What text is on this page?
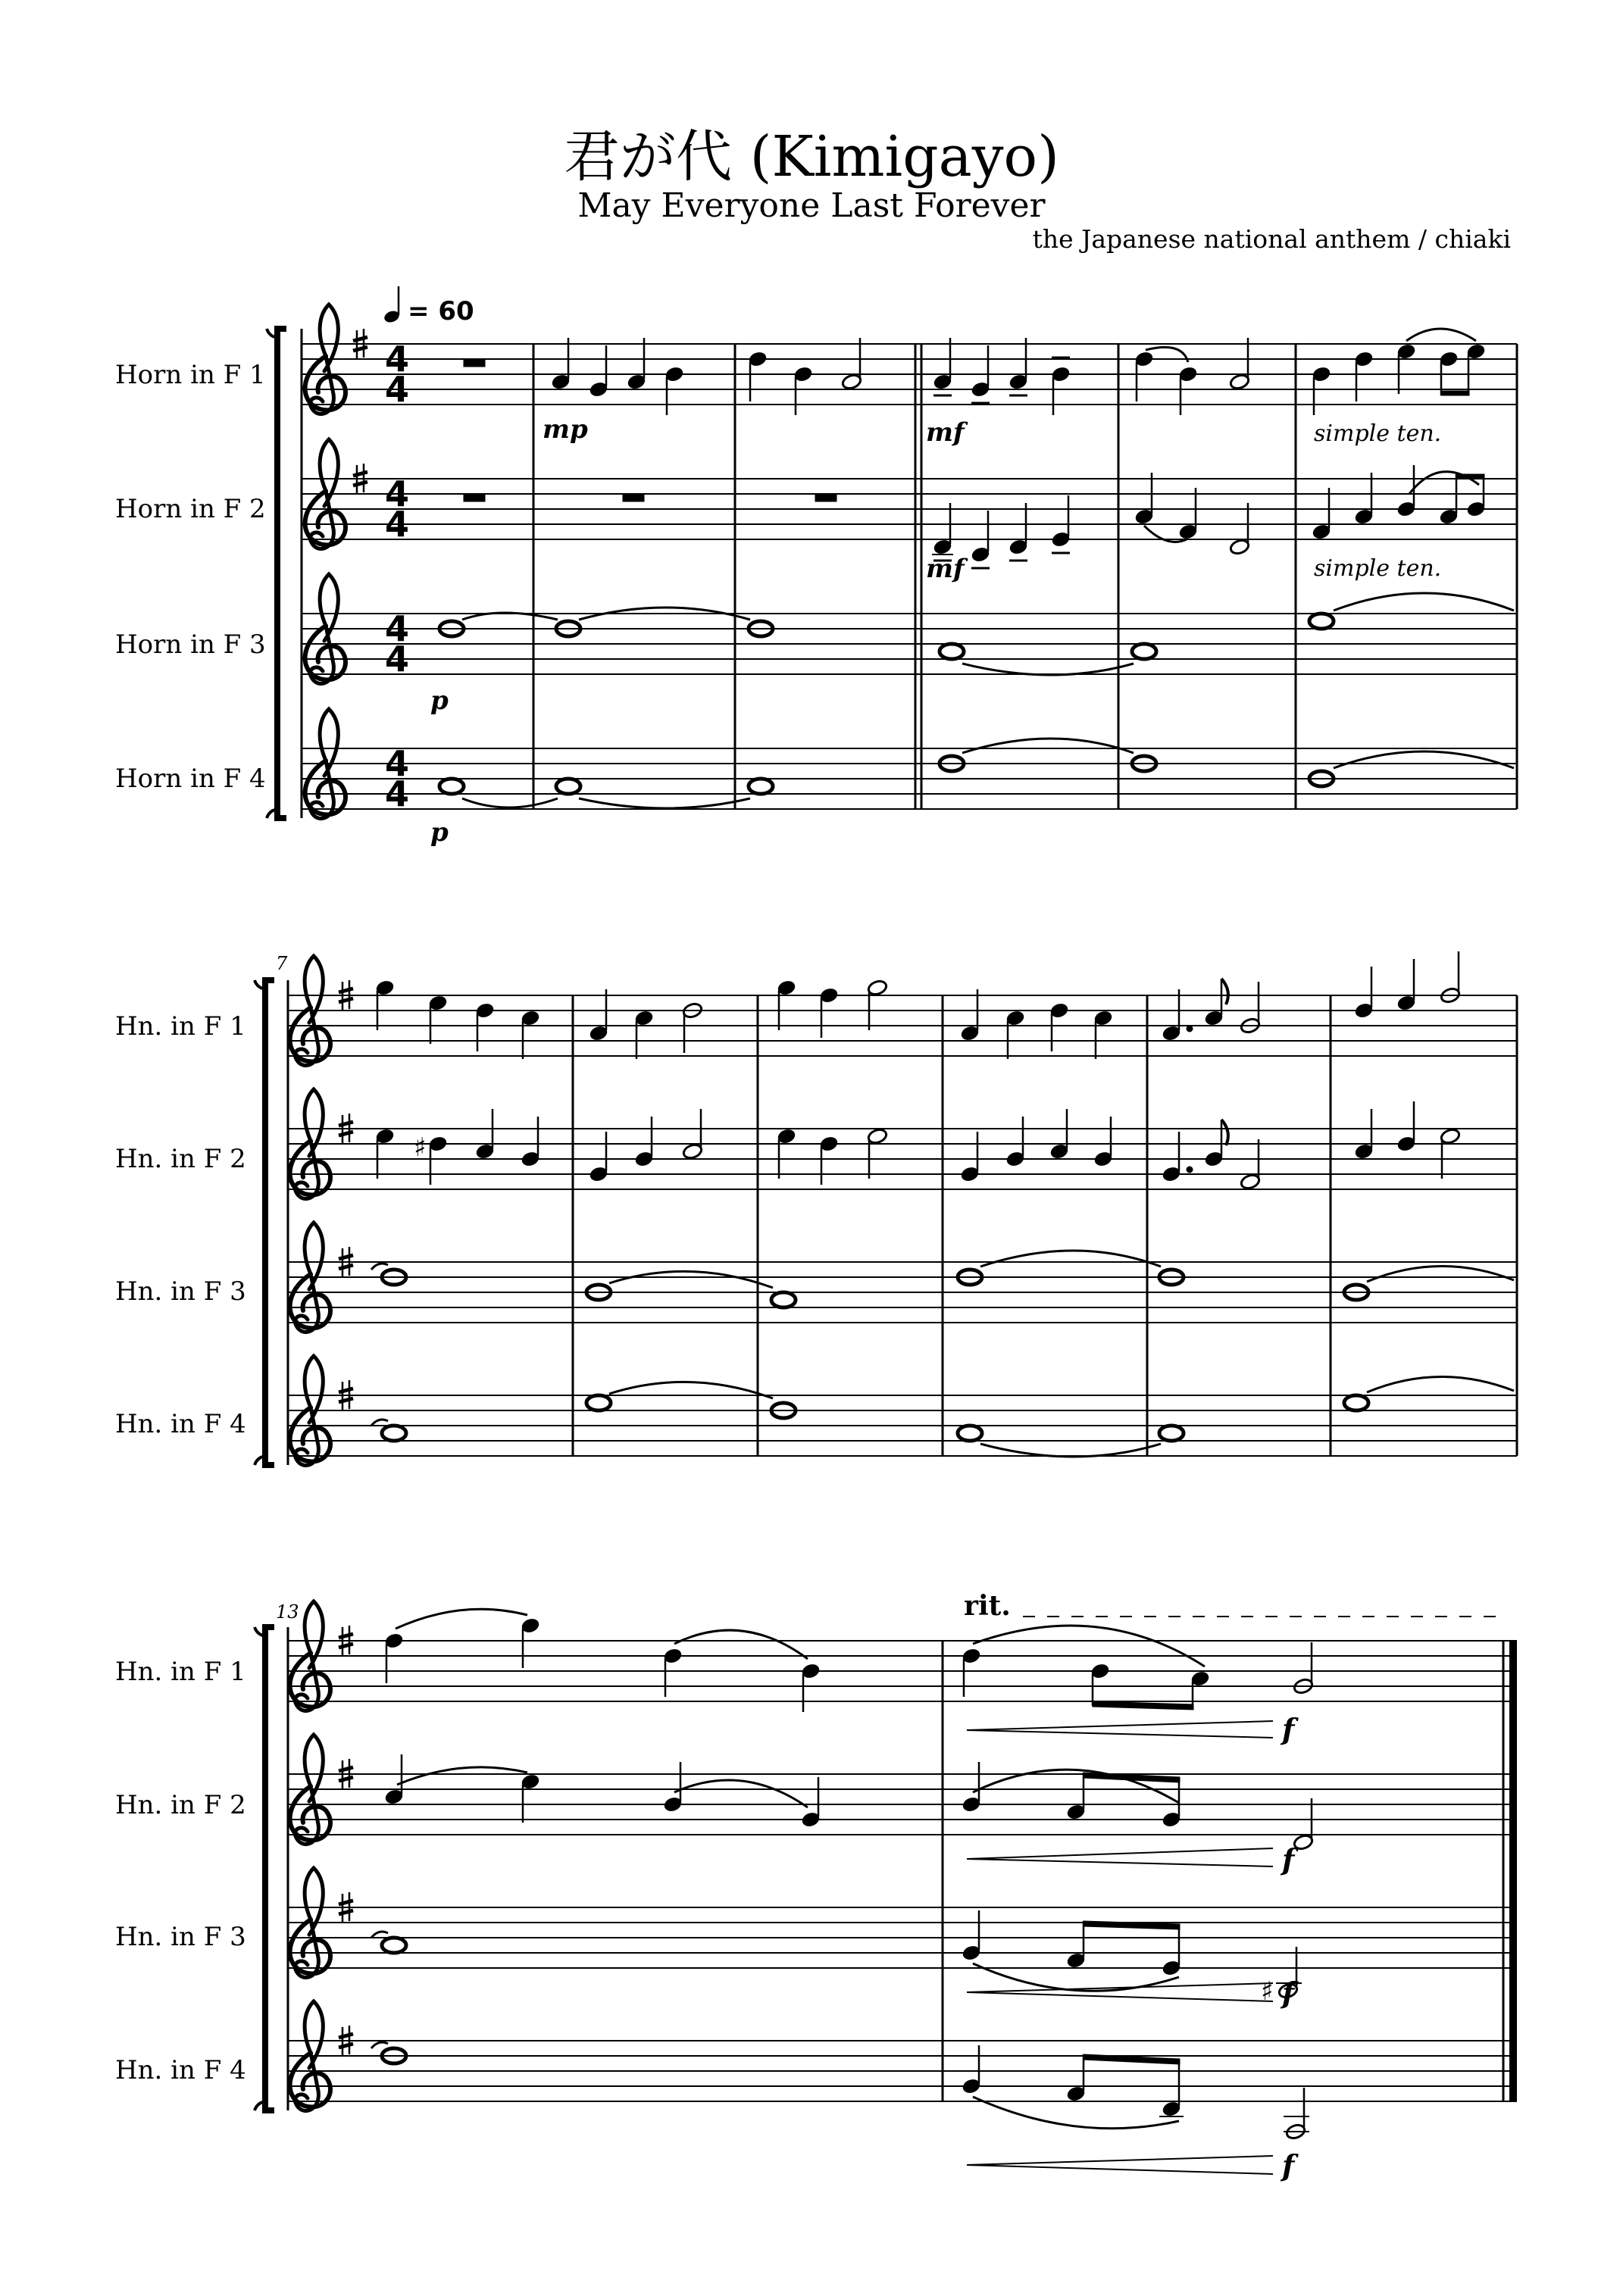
君が代 (Kimigayo)
May Everyone Last Forever
the Japanese national anthem / chiaki
Horn in F 1
Horn in F 2
Horn in F 3
Horn in F 4
4
4
4
4
4
4
4
4
= 60
mp	mf
mf
p
p
simple ten.
simple ten.
7
Hn. in F 1
Hn. in F 2
Hn. in F 3
Hn. in F 4
♯
13
Hn. in F 1
Hn. in F 2
Hn. in F 3
Hn. in F 4
rit.
♯
f
f
f
f
